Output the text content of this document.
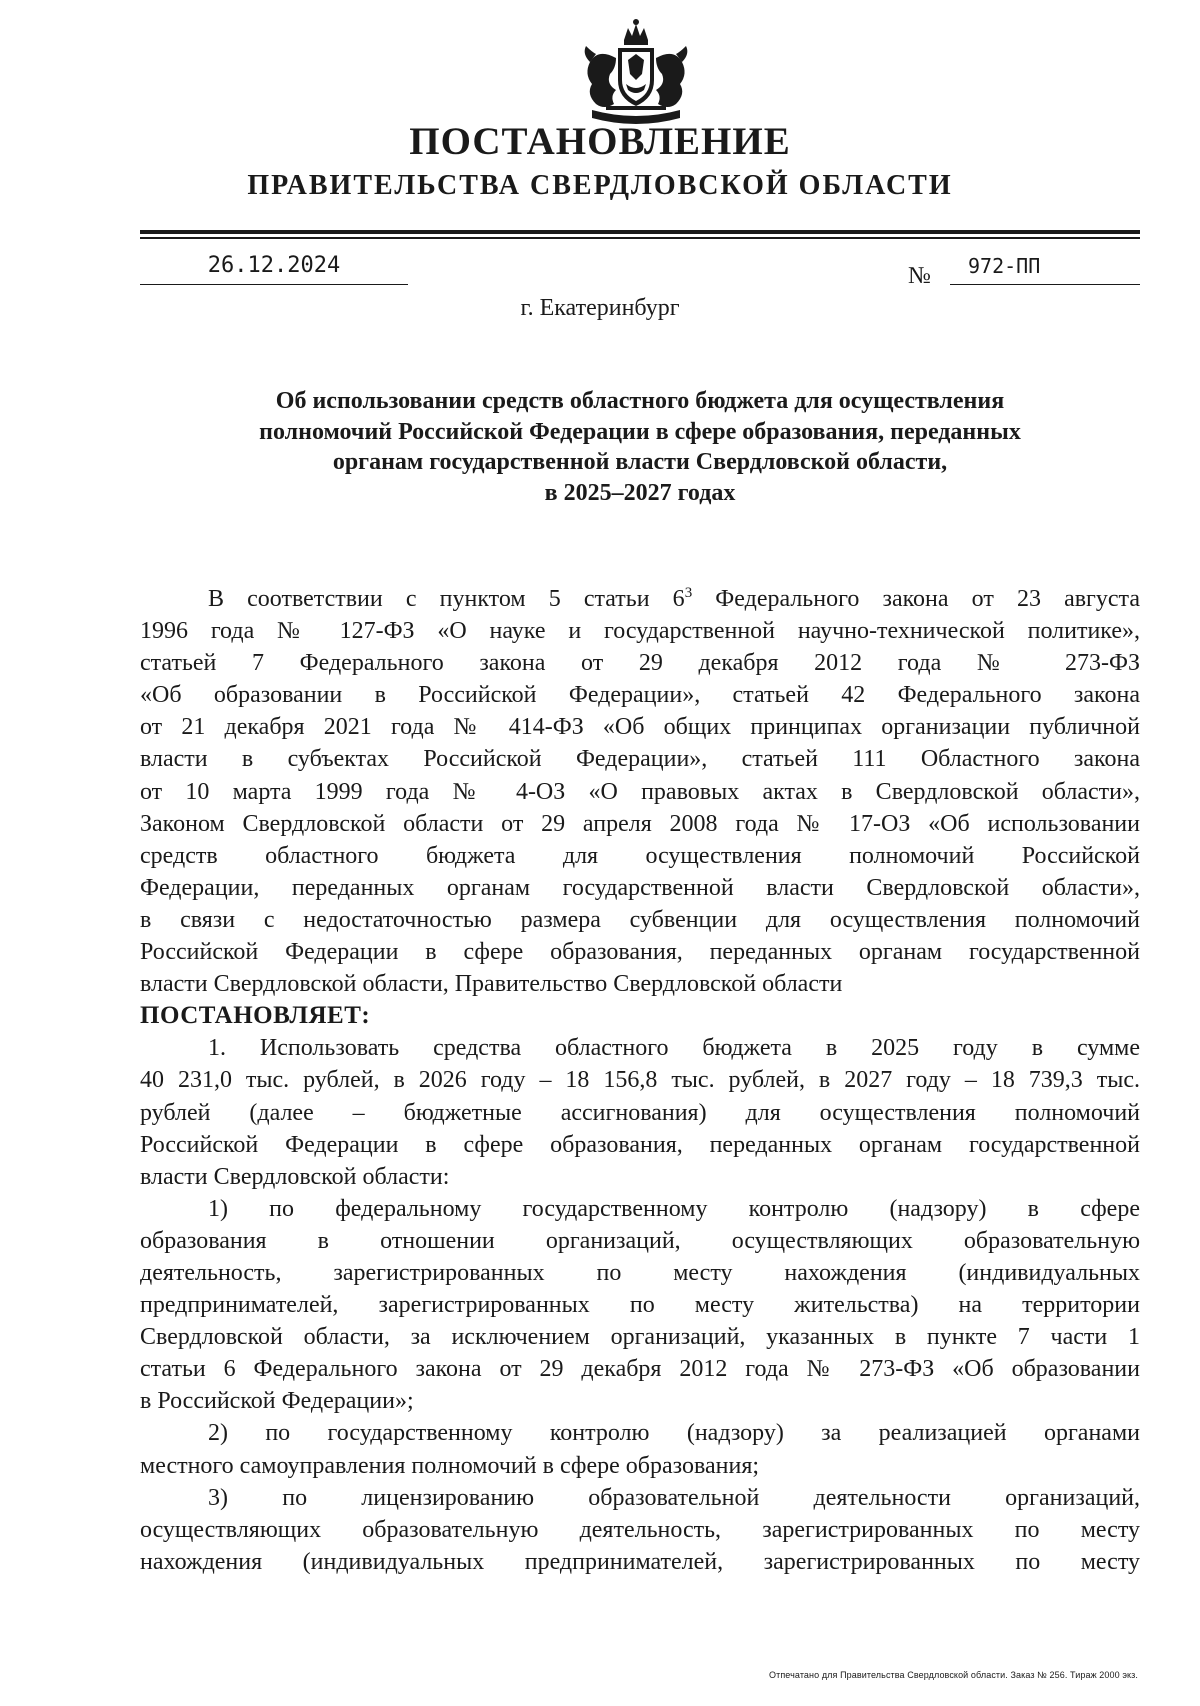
ПОСТАНОВЛЕНИЕ
ПРАВИТЕЛЬСТВА СВЕРДЛОВСКОЙ ОБЛАСТИ
26.12.2024	№	972-ПП
г. Екатеринбург
Об использовании средств областного бюджета для осуществления
полномочий Российской Федерации в сфере образования, переданных
органам государственной власти Свердловской области,
в 2025–2027 годах
В соответствии с пунктом 5 статьи $6^3$ Федерального закона от 23 августа
1996 года № 127-ФЗ «О науке и государственной научно-технической политике»,
статьей 7 Федерального закона от 29 декабря 2012 года № 273-ФЗ
«Об образовании в Российской Федерации», статьей 42 Федерального закона
от 21 декабря 2021 года № 414-ФЗ «Об общих принципах организации публичной
власти в субъектах Российской Федерации», статьей 111 Областного закона
от 10 марта 1999 года № 4-ОЗ «О правовых актах в Свердловской области»,
Законом Свердловской области от 29 апреля 2008 года № 17-ОЗ «Об использовании
средств областного бюджета для осуществления полномочий Российской
Федерации, переданных органам государственной власти Свердловской области»,
в связи с недостаточностью размера субвенции для осуществления полномочий
Российской Федерации в сфере образования, переданных органам государственной
власти Свердловской области, Правительство Свердловской области
ПОСТАНОВЛЯЕТ:
1. Использовать средства областного бюджета в 2025 году в сумме
40 231,0 тыс. рублей, в 2026 году – 18 156,8 тыс. рублей, в 2027 году – 18 739,3 тыс.
рублей (далее – бюджетные ассигнования) для осуществления полномочий
Российской Федерации в сфере образования, переданных органам государственной
власти Свердловской области:
1) по федеральному государственному контролю (надзору) в сфере
образования в отношении организаций, осуществляющих образовательную
деятельность, зарегистрированных по месту нахождения (индивидуальных
предпринимателей, зарегистрированных по месту жительства) на территории
Свердловской области, за исключением организаций, указанных в пункте 7 части 1
статьи 6 Федерального закона от 29 декабря 2012 года № 273-ФЗ «Об образовании
в Российской Федерации»;
2) по государственному контролю (надзору) за реализацией органами
местного самоуправления полномочий в сфере образования;
3) по лицензированию образовательной деятельности организаций,
осуществляющих образовательную деятельность, зарегистрированных по месту
нахождения (индивидуальных предпринимателей, зарегистрированных по месту
Отпечатано для Правительства Свердловской области. Заказ № 256. Тираж 2000 экз.
